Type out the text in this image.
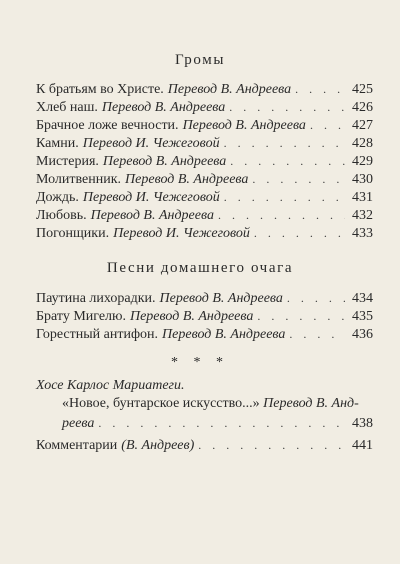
Громы
К братьям во Христе. Перевод В. Андреева . . .	425
Хлеб наш. Перевод В. Андреева . . .	426
Брачное ложе вечности. Перевод В. Андреева . . .	427
Камни. Перевод И. Чежеговой . . .	428
Мистерия. Перевод В. Андреева . . .	429
Молитвенник. Перевод В. Андреева . . .	430
Дождь. Перевод И. Чежеговой . . .	431
Любовь. Перевод В. Андреева . . .	432
Погонщики. Перевод И. Чежеговой . . .	433
Песни домашнего очага
Паутина лихорадки. Перевод В. Андреева . . .	434
Брату Мигелю. Перевод В. Андреева . . .	435
Горестный антифон. Перевод В. Андреева . . .	436
* * *
Хосе Карлос Мариатеги.
«Новое, бунтарское искусство...» Перевод В. Анд-
реева . . .	438
Комментарии (В. Андреев) . . .	441
